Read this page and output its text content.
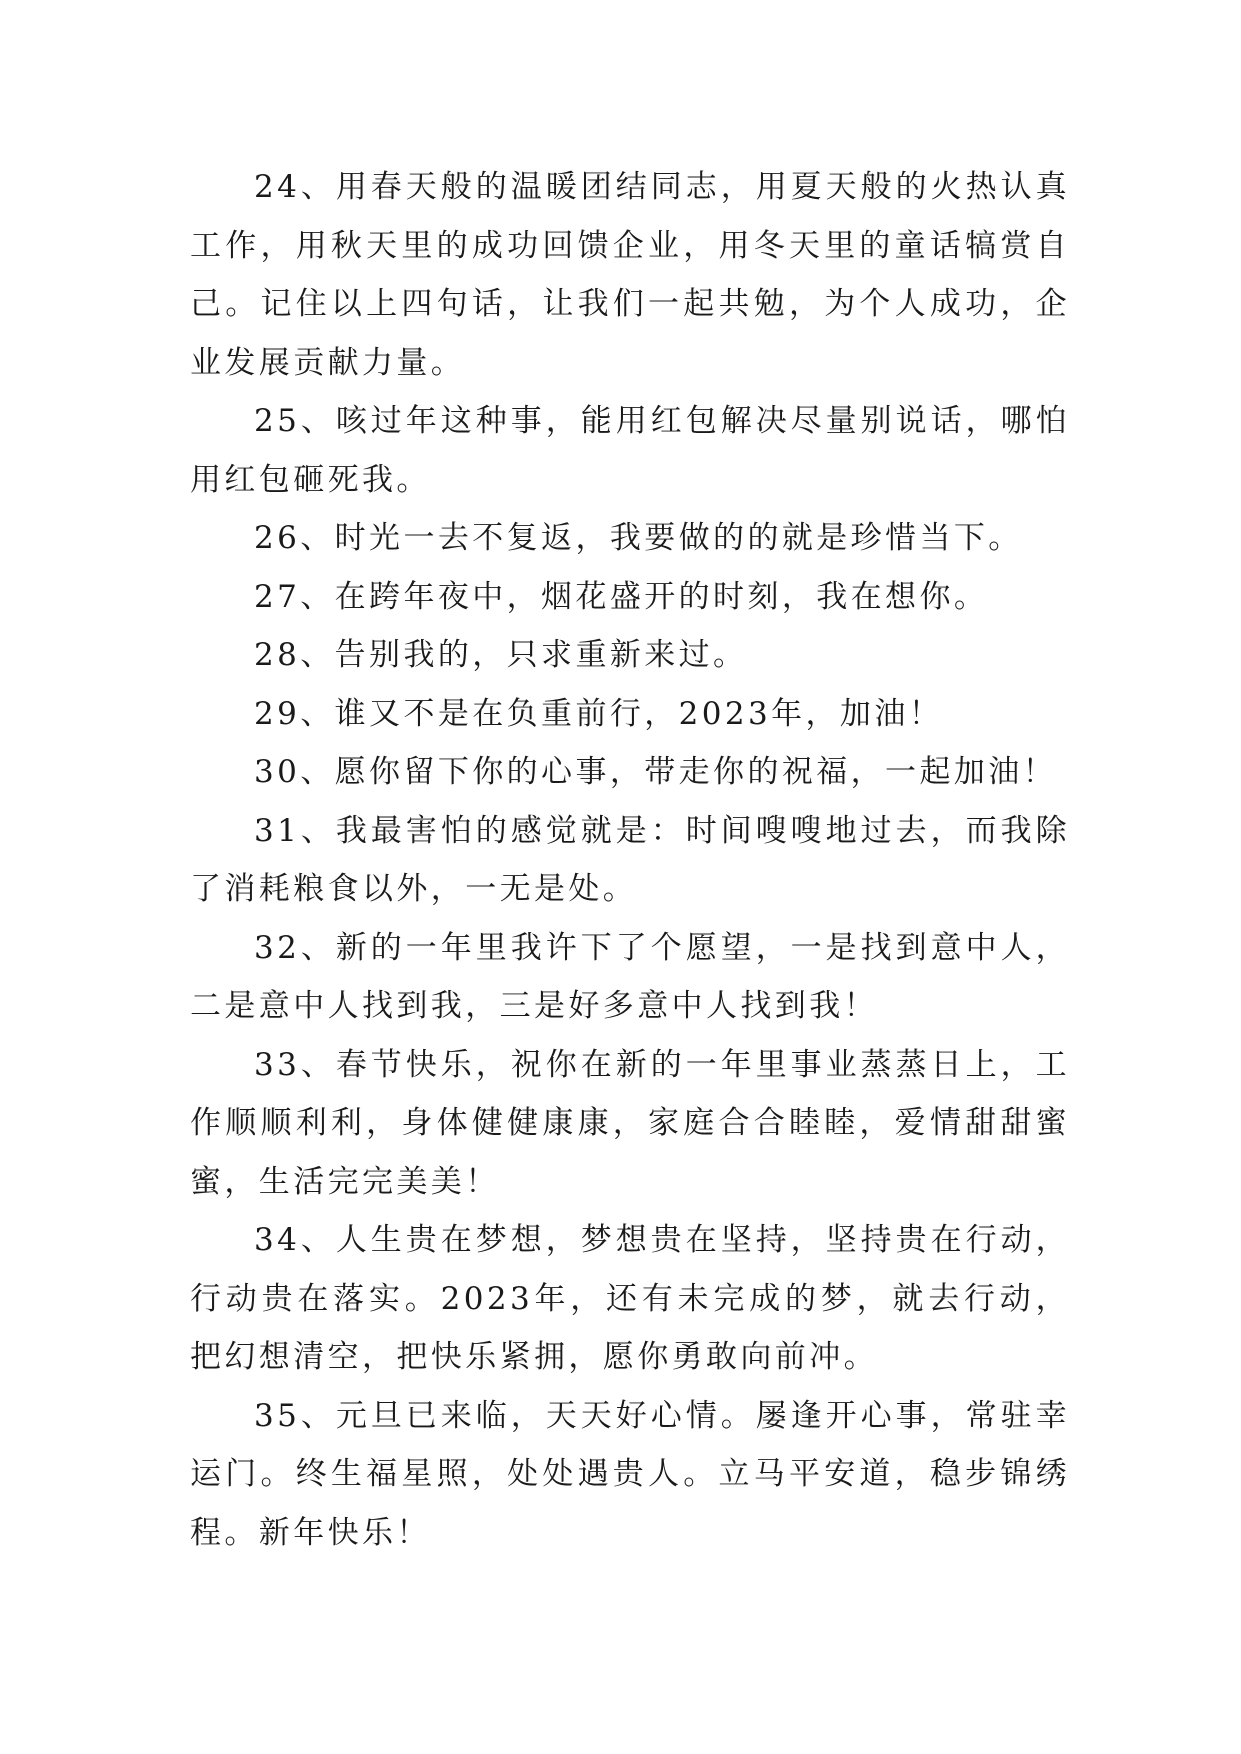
24、用春天般的温暖团结同志，用夏天般的火热认真工作，用秋天里的成功回馈企业，用冬天里的童话犒赏自己。记住以上四句话，让我们一起共勉，为个人成功，企业发展贡献力量。

25、咳过年这种事，能用红包解决尽量别说话，哪怕用红包砸死我。

26、时光一去不复返，我要做的的就是珍惜当下。

27、在跨年夜中，烟花盛开的时刻，我在想你。

28、告别我的，只求重新来过。

29、谁又不是在负重前行，2023年，加油！

30、愿你留下你的心事，带走你的祝福，一起加油！

31、我最害怕的感觉就是：时间嗖嗖地过去，而我除了消耗粮食以外，一无是处。

32、新的一年里我许下了个愿望，一是找到意中人，二是意中人找到我，三是好多意中人找到我！

33、春节快乐，祝你在新的一年里事业蒸蒸日上，工作顺顺利利，身体健健康康，家庭合合睦睦，爱情甜甜蜜蜜，生活完完美美！

34、人生贵在梦想，梦想贵在坚持，坚持贵在行动，行动贵在落实。2023年，还有未完成的梦，就去行动，把幻想清空，把快乐紧拥，愿你勇敢向前冲。

35、元旦已来临，天天好心情。屡逢开心事，常驻幸运门。终生福星照，处处遇贵人。立马平安道，稳步锦绣程。新年快乐！
